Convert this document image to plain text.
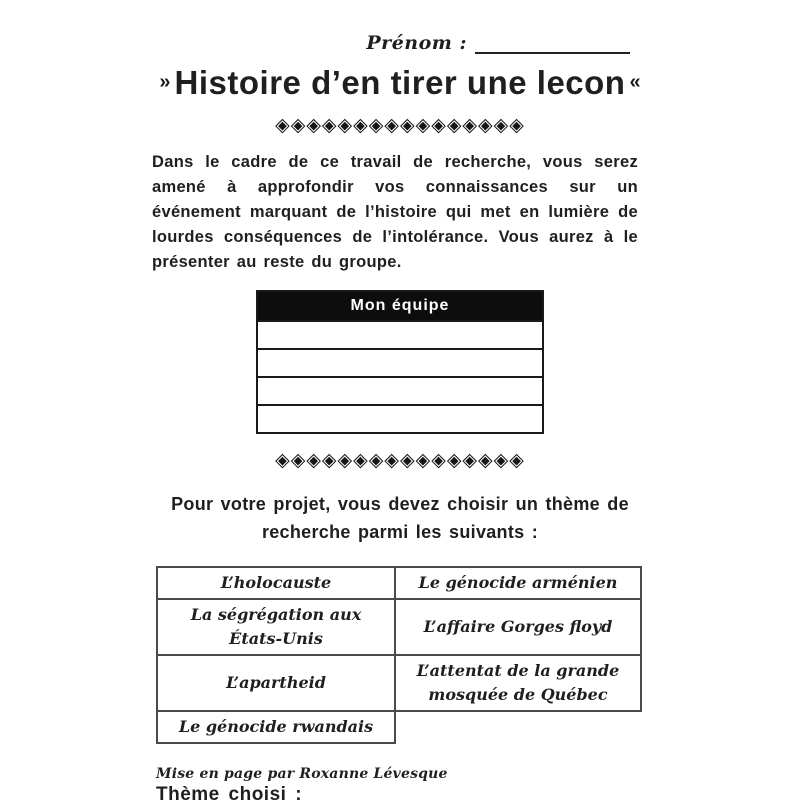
Prénom :
» Histoire d’en tirer une lecon «
◈◈◈◈◈◈◈◈◈◈◈◈◈◈◈◈

Dans le cadre de ce travail de recherche, vous serez amené à approfondir vos connaissances sur un événement marquant de l’histoire qui met en lumière de lourdes conséquences de l’intolérance. Vous aurez à le présenter au reste du groupe.

Mon équipe

◈◈◈◈◈◈◈◈◈◈◈◈◈◈◈◈
Pour votre projet, vous devez choisir un thème de recherche parmi les suivants :
L’holocauste	Le génocide arménien
La ségrégation aux États-Unis	L’affaire Gorges floyd
L’apartheid	L’attentat de la grande mosquée de Québec
Le génocide rwandais	
Thème choisi :
Mise en page par Roxanne Lévesque
